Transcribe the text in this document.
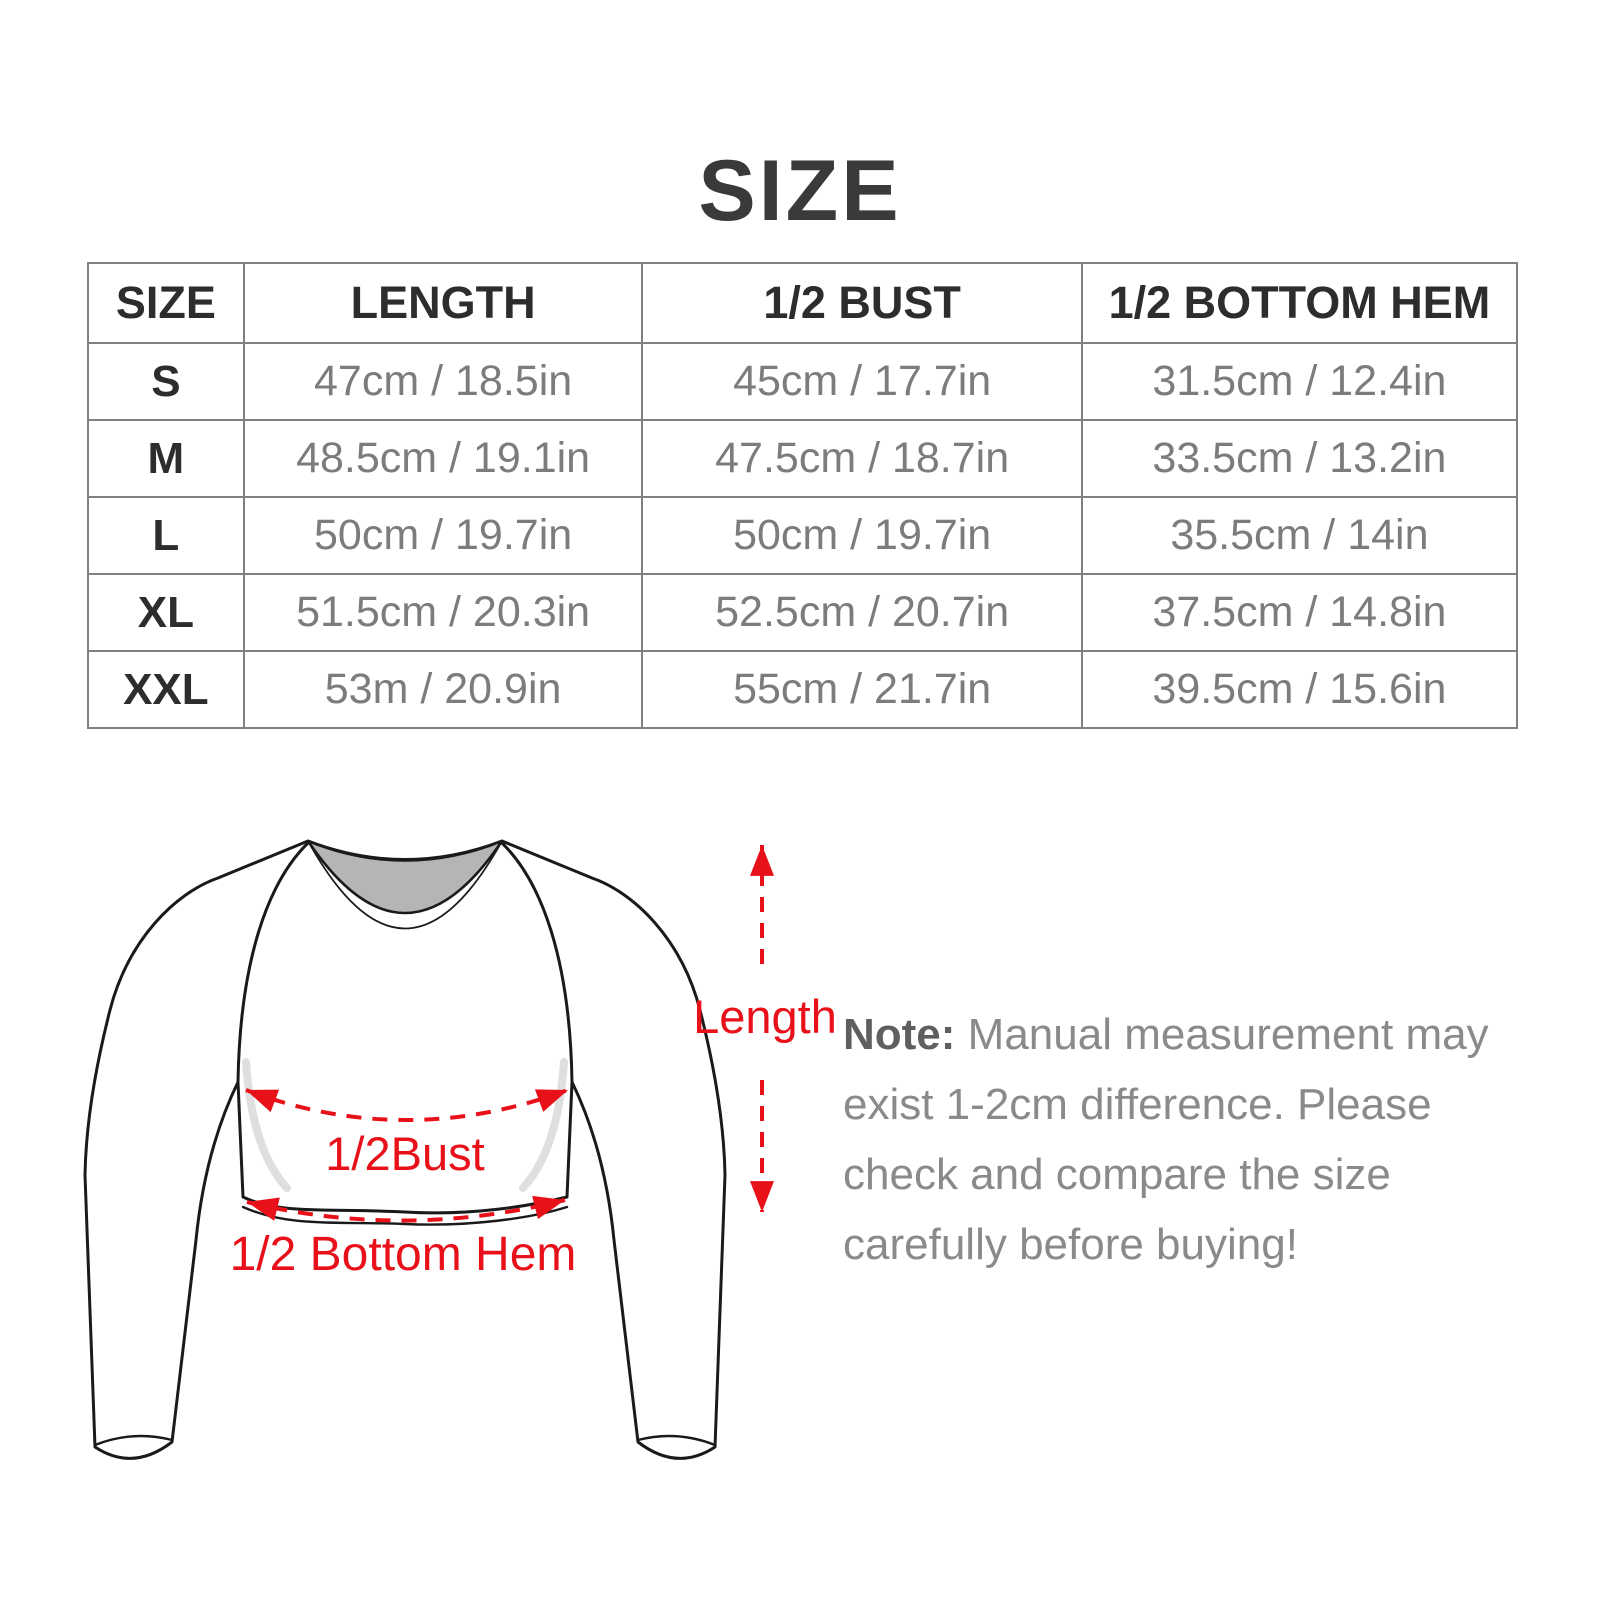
SIZE
SIZE	LENGTH	1/2 BUST	1/2 BOTTOM HEM
S	47cm / 18.5in	45cm / 17.7in	31.5cm / 12.4in
M	48.5cm / 19.1in	47.5cm / 18.7in	33.5cm / 13.2in
L	50cm / 19.7in	50cm / 19.7in	35.5cm / 14in
XL	51.5cm / 20.3in	52.5cm / 20.7in	37.5cm / 14.8in
XXL	53m / 20.9in	55cm / 21.7in	39.5cm / 15.6in
Length
1/2Bust
1/2 Bottom Hem
Note: Manual measurement may
exist 1-2cm difference. Please
check and compare the size
carefully before buying!
